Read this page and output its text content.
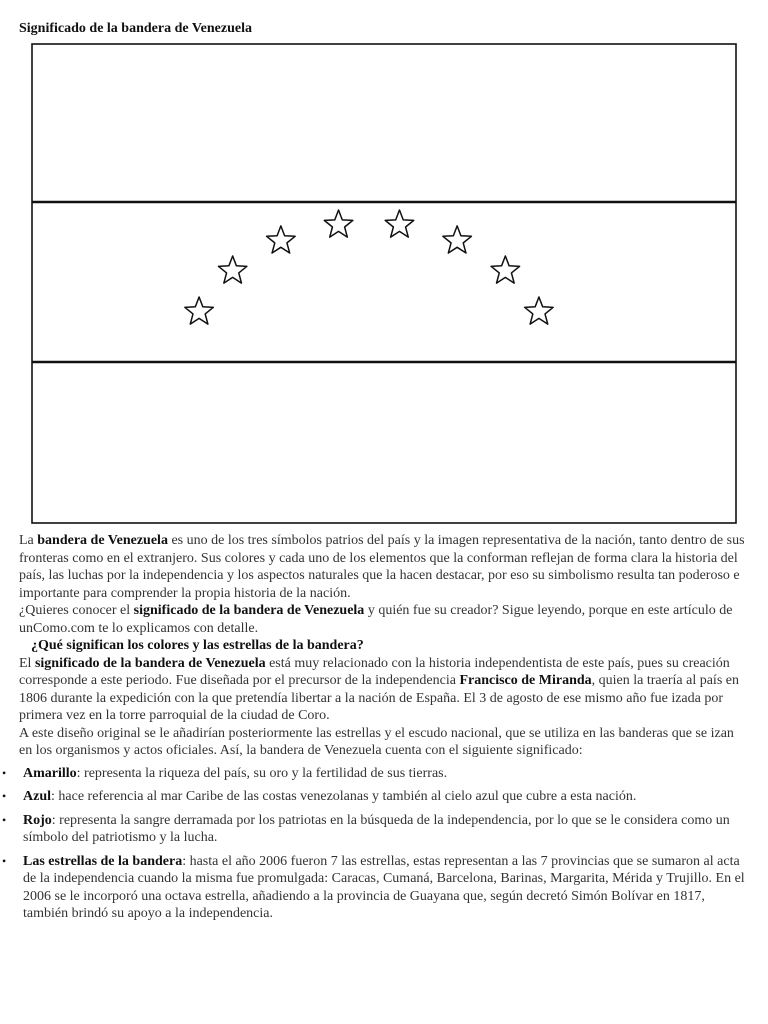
Significado de la bandera de Venezuela

La bandera de Venezuela es uno de los tres símbolos patrios del país y la imagen representativa de la nación, tanto dentro de sus fronteras como en el extranjero. Sus colores y cada uno de los elementos que la conforman reflejan de forma clara la historia del país, las luchas por la independencia y los aspectos naturales que la hacen destacar, por eso su simbolismo resulta tan poderoso e importante para comprender la propia historia de la nación.

¿Quieres conocer el significado de la bandera de Venezuela y quién fue su creador? Sigue leyendo, porque en este artículo de unComo.com te lo explicamos con detalle.

¿Qué significan los colores y las estrellas de la bandera?

El significado de la bandera de Venezuela está muy relacionado con la historia independentista de este país, pues su creación corresponde a este periodo. Fue diseñada por el precursor de la independencia Francisco de Miranda, quien la traería al país en 1806 durante la expedición con la que pretendía libertar a la nación de España. El 3 de agosto de ese mismo año fue izada por primera vez en la torre parroquial de la ciudad de Coro.

A este diseño original se le añadirían posteriormente las estrellas y el escudo nacional, que se utiliza en las banderas que se izan en los organismos y actos oficiales. Así, la bandera de Venezuela cuenta con el siguiente significado:

• Amarillo: representa la riqueza del país, su oro y la fertilidad de sus tierras.
• Azul: hace referencia al mar Caribe de las costas venezolanas y también al cielo azul que cubre a esta nación.
• Rojo: representa la sangre derramada por los patriotas en la búsqueda de la independencia, por lo que se le considera como un símbolo del patriotismo y la lucha.
• Las estrellas de la bandera: hasta el año 2006 fueron 7 las estrellas, estas representan a las 7 provincias que se sumaron al acta de la independencia cuando la misma fue promulgada: Caracas, Cumaná, Barcelona, Barinas, Margarita, Mérida y Trujillo. En el 2006 se le incorporó una octava estrella, añadiendo a la provincia de Guayana que, según decretó Simón Bolívar en 1817, también brindó su apoyo a la independencia.
